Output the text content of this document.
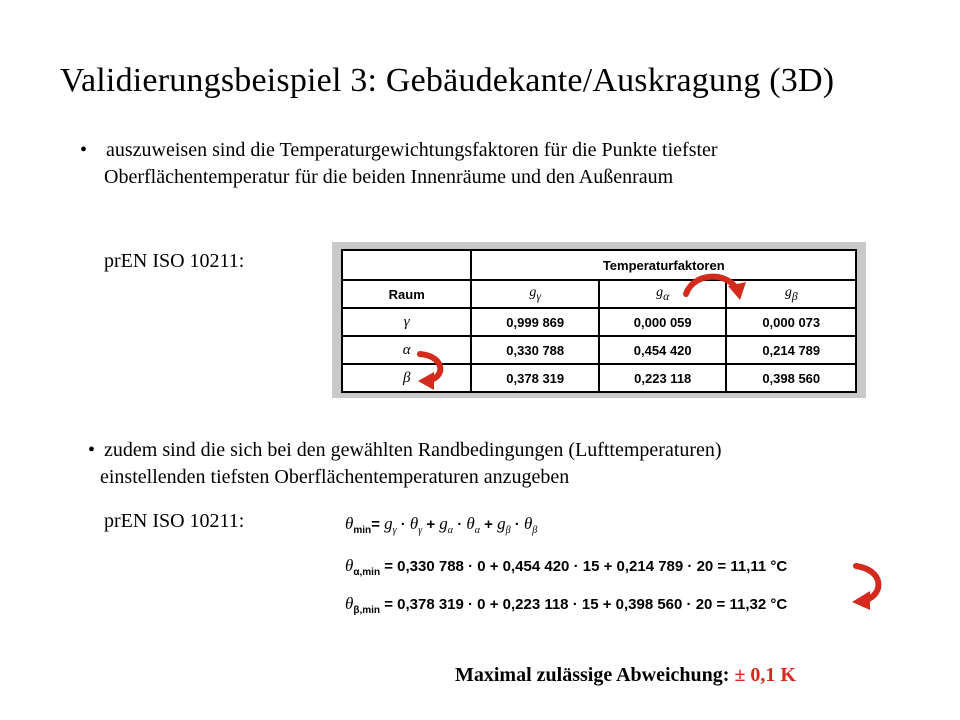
Validierungsbeispiel 3: Gebäudekante/Auskragung (3D)
• auszuweisen sind die Temperaturgewichtungsfaktoren für die Punkte tiefster
Oberflächentemperatur für die beiden Innenräume und den Außenraum
prEN ISO 10211:
		Temperaturfaktoren		
Raum	$g_\gamma$	$g_\alpha$	$g_\beta$
γ	0,999 869	0,000 059	0,000 073
α	0,330 788	0,454 420	0,214 789
β	0,378 319	0,223 118	0,398 560
• zudem sind die sich bei den gewählten Randbedingungen (Lufttemperaturen)
einstellenden tiefsten Oberflächentemperaturen anzugeben
prEN ISO 10211:	$\theta_{min}= g_\gamma \cdot \theta_\gamma + g_\alpha \cdot \theta_\alpha + g_\beta \cdot \theta_\beta$
$\theta_{\alpha,min} = 0,330$ 788 · 0 + 0,454 420 · 15 + 0,214 789 · 20 = 11,11 °C
$\theta_{\beta,min} = 0,378$ 319 · 0 + 0,223 118 · 15 + 0,398 560 · 20 = 11,32 °C
Maximal zulässige Abweichung: ± 0,1 K
